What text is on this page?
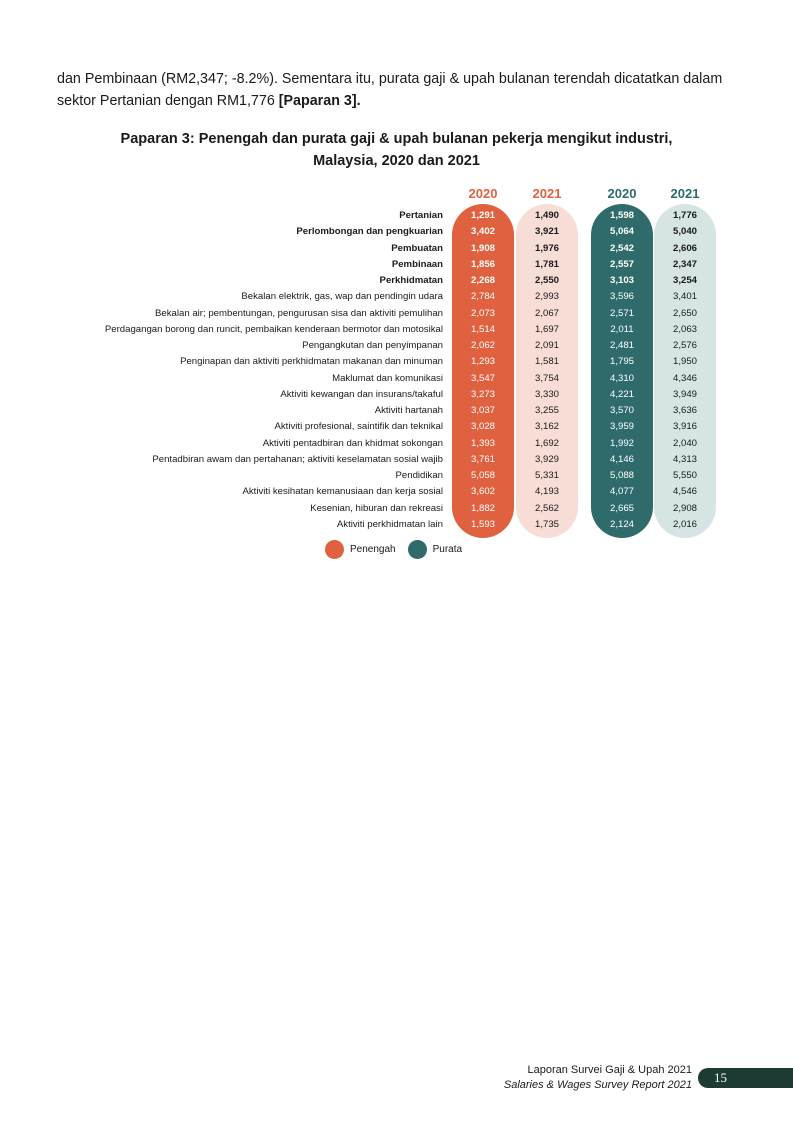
dan Pembinaan (RM2,347; -8.2%). Sementara itu, purata gaji & upah bulanan terendah dicatatkan dalam sektor Pertanian dengan RM1,776 [Paparan 3].

Paparan 3: Penengah dan purata gaji & upah bulanan pekerja mengikut industri,
Malaysia, 2020 dan 2021
2020	2021	2020	2021
Pertanian	1,291	1,490	1,598	1,776
Perlombongan dan pengkuarian	3,402	3,921	5,064	5,040
Pembuatan	1,908	1,976	2,542	2,606
Pembinaan	1,856	1,781	2,557	2,347
Perkhidmatan	2,268	2,550	3,103	3,254
Bekalan elektrik, gas, wap dan pendingin udara	2,784	2,993	3,596	3,401
Bekalan air; pembentungan, pengurusan sisa dan aktiviti pemulihan	2,073	2,067	2,571	2,650
Perdagangan borong dan runcit, pembaikan kenderaan bermotor dan motosikal	1,514	1,697	2,011	2,063
Pengangkutan dan penyimpanan	2,062	2,091	2,481	2,576
Penginapan dan aktiviti perkhidmatan makanan dan minuman	1,293	1,581	1,795	1,950
Maklumat dan komunikasi	3,547	3,754	4,310	4,346
Aktiviti kewangan dan insurans/takaful	3,273	3,330	4,221	3,949
Aktiviti hartanah	3,037	3,255	3,570	3,636
Aktiviti profesional, saintifik dan teknikal	3,028	3,162	3,959	3,916
Aktiviti pentadbiran dan khidmat sokongan	1,393	1,692	1,992	2,040
Pentadbiran awam dan pertahanan; aktiviti keselamatan sosial wajib	3,761	3,929	4,146	4,313
Pendidikan	5,058	5,331	5,088	5,550
Aktiviti kesihatan kemanusiaan dan kerja sosial	3,602	4,193	4,077	4,546
Kesenian, hiburan dan rekreasi	1,882	2,562	2,665	2,908
Aktiviti perkhidmatan lain	1,593	1,735	2,124	2,016
Penengah	Purata
Laporan Survei Gaji & Upah 2021
Salaries & Wages Survey Report 2021	15
